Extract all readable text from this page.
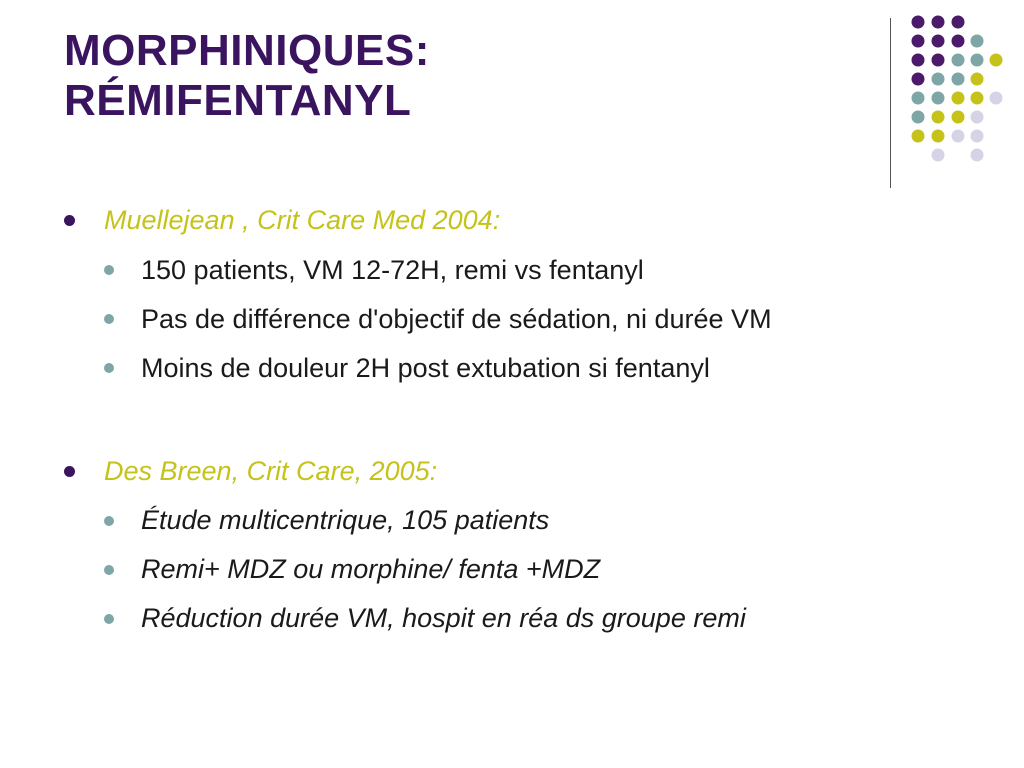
MORPHINIQUES:
RÉMIFENTANYL
Muellejean , Crit Care Med 2004:
150 patients, VM 12-72H, remi vs fentanyl
Pas de différence d'objectif de sédation, ni durée VM
Moins de douleur 2H post extubation si fentanyl
Des Breen, Crit Care, 2005:
Étude multicentrique, 105 patients
Remi+ MDZ ou morphine/ fenta +MDZ
Réduction durée VM, hospit en réa ds groupe remi
